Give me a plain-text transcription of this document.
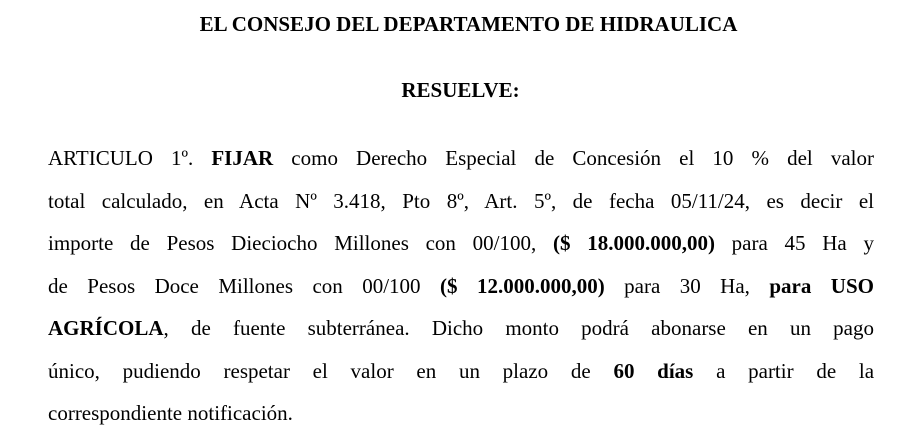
EL CONSEJO DEL DEPARTAMENTO DE HIDRAULICA
RESUELVE:
ARTICULO 1º. FIJAR como Derecho Especial de Concesión el 10 % del valor
total calculado, en Acta Nº 3.418, Pto 8º, Art. 5º, de fecha 05/11/24, es decir el
importe de Pesos Dieciocho Millones con 00/100, ($ 18.000.000,00) para 45 Ha y
de Pesos Doce Millones con 00/100 ($ 12.000.000,00) para 30 Ha, para USO
AGRÍCOLA, de fuente subterránea. Dicho monto podrá abonarse en un pago
único, pudiendo respetar el valor en un plazo de 60 días a partir de la
correspondiente notificación.
